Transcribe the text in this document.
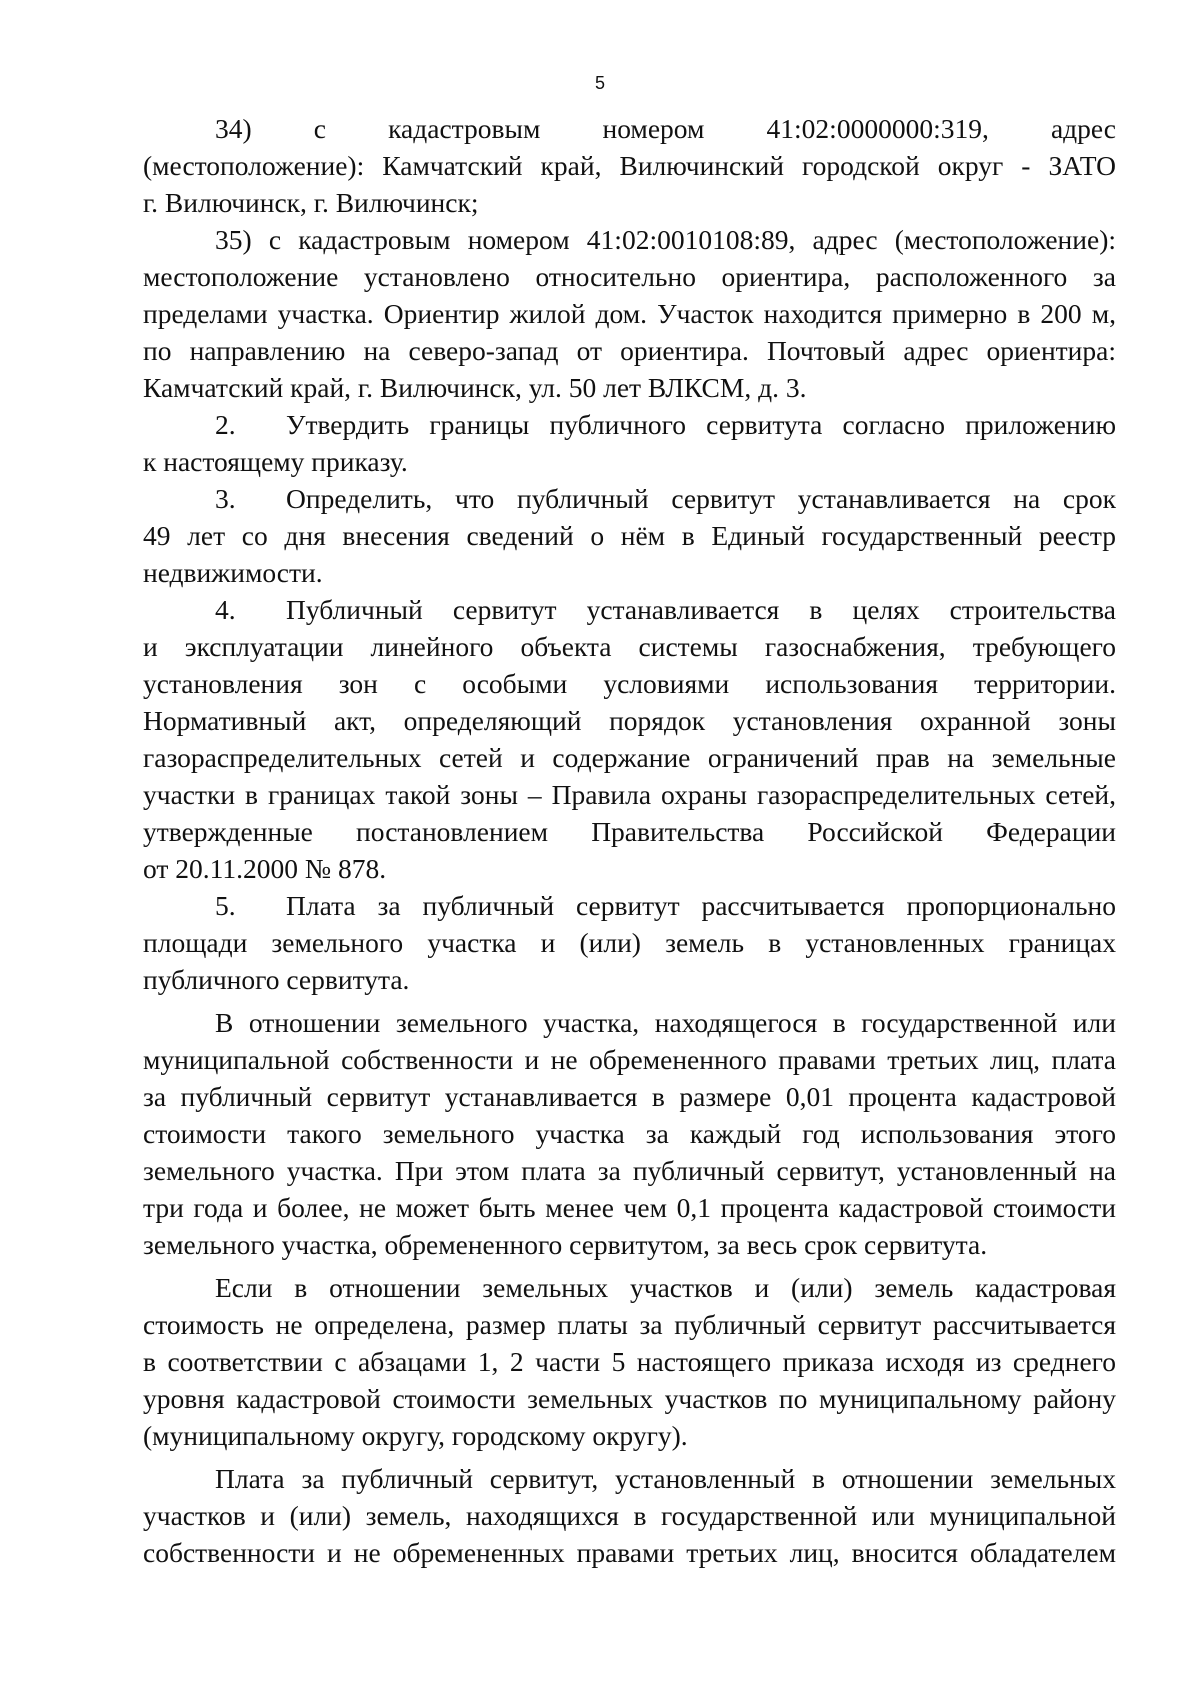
5
34) с кадастровым номером 41:02:0000000:319, адрес
(местоположение): Камчатский край, Вилючинский городской округ - ЗАТО
г. Вилючинск, г. Вилючинск;
35) с кадастровым номером 41:02:0010108:89, адрес (местоположение):
местоположение установлено относительно ориентира, расположенного за
пределами участка. Ориентир жилой дом. Участок находится примерно в 200 м,
по направлению на северо-запад от ориентира. Почтовый адрес ориентира:
Камчатский край, г. Вилючинск, ул. 50 лет ВЛКСМ, д. 3.
2. Утвердить границы публичного сервитута согласно приложению
к настоящему приказу.
3. Определить, что публичный сервитут устанавливается на срок
49 лет со дня внесения сведений о нём в Единый государственный реестр
недвижимости.
4. Публичный сервитут устанавливается в целях строительства
и эксплуатации линейного объекта системы газоснабжения, требующего
установления зон с особыми условиями использования территории.
Нормативный акт, определяющий порядок установления охранной зоны
газораспределительных сетей и содержание ограничений прав на земельные
участки в границах такой зоны – Правила охраны газораспределительных сетей,
утвержденные постановлением Правительства Российской Федерации
от 20.11.2000 № 878.
5. Плата за публичный сервитут рассчитывается пропорционально
площади земельного участка и (или) земель в установленных границах
публичного сервитута.
В отношении земельного участка, находящегося в государственной или
муниципальной собственности и не обремененного правами третьих лиц, плата
за публичный сервитут устанавливается в размере 0,01 процента кадастровой
стоимости такого земельного участка за каждый год использования этого
земельного участка. При этом плата за публичный сервитут, установленный на
три года и более, не может быть менее чем 0,1 процента кадастровой стоимости
земельного участка, обремененного сервитутом, за весь срок сервитута.
Если в отношении земельных участков и (или) земель кадастровая
стоимость не определена, размер платы за публичный сервитут рассчитывается
в соответствии с абзацами 1, 2 части 5 настоящего приказа исходя из среднего
уровня кадастровой стоимости земельных участков по муниципальному району
(муниципальному округу, городскому округу).
Плата за публичный сервитут, установленный в отношении земельных
участков и (или) земель, находящихся в государственной или муниципальной
собственности и не обремененных правами третьих лиц, вносится обладателем
